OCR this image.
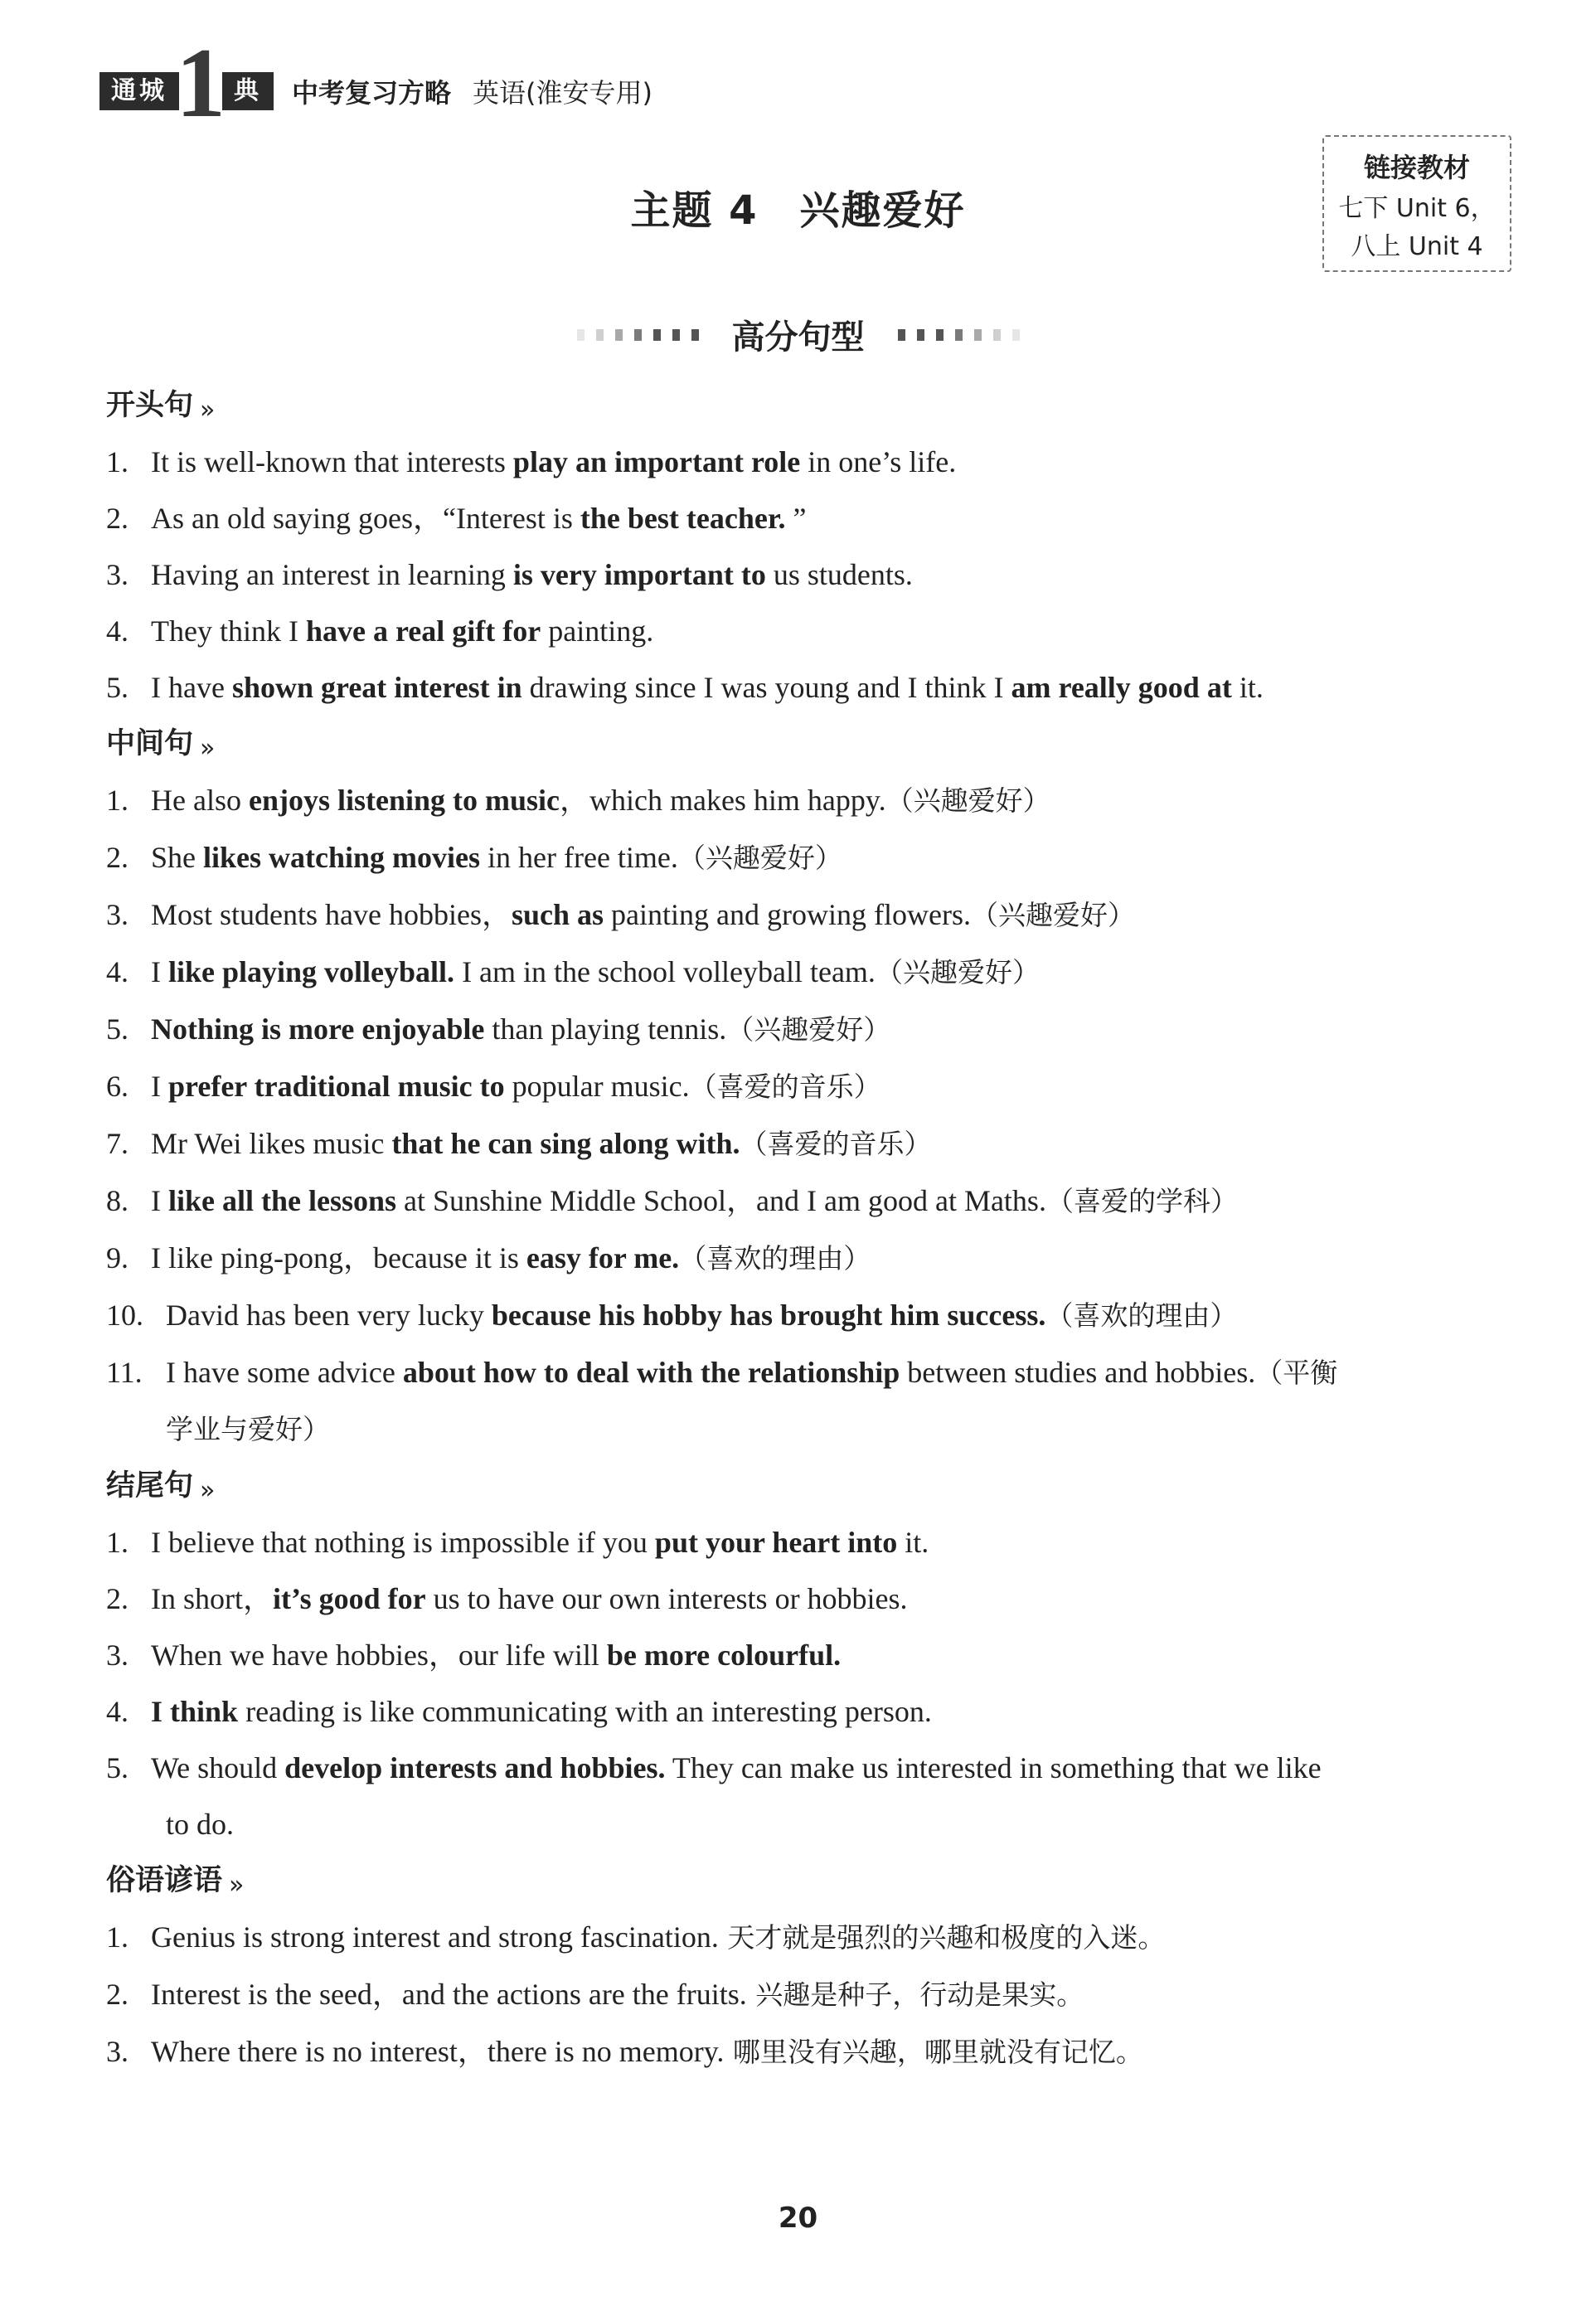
通城 1 典	中考复习方略 英语(淮安专用)
主题 4　兴趣爱好
链接教材
七下 Unit 6，
八上 Unit 4
高分句型
开头句 »
1. It is well-known that interests play an important role in one’s life.
2. As an old saying goes，“Interest is the best teacher. ”
3. Having an interest in learning is very important to us students.
4. They think I have a real gift for painting.
5. I have shown great interest in drawing since I was young and I think I am really good at it.
中间句 »
1. He also enjoys listening to music，which makes him happy.（兴趣爱好）
2. She likes watching movies in her free time.（兴趣爱好）
3. Most students have hobbies，such as painting and growing flowers.（兴趣爱好）
4. I like playing volleyball. I am in the school volleyball team.（兴趣爱好）
5. Nothing is more enjoyable than playing tennis.（兴趣爱好）
6. I prefer traditional music to popular music.（喜爱的音乐）
7. Mr Wei likes music that he can sing along with.（喜爱的音乐）
8. I like all the lessons at Sunshine Middle School，and I am good at Maths.（喜爱的学科）
9. I like ping-pong，because it is easy for me.（喜欢的理由）
10. David has been very lucky because his hobby has brought him success.（喜欢的理由）
11. I have some advice about how to deal with the relationship between studies and hobbies.（平衡
学业与爱好）
结尾句 »
1. I believe that nothing is impossible if you put your heart into it.
2. In short，it’s good for us to have our own interests or hobbies.
3. When we have hobbies，our life will be more colourful.
4. I think reading is like communicating with an interesting person.
5. We should develop interests and hobbies. They can make us interested in something that we like
to do.
俗语谚语 »
1. Genius is strong interest and strong fascination. 天才就是强烈的兴趣和极度的入迷。
2. Interest is the seed，and the actions are the fruits. 兴趣是种子，行动是果实。
3. Where there is no interest，there is no memory. 哪里没有兴趣，哪里就没有记忆。
20
